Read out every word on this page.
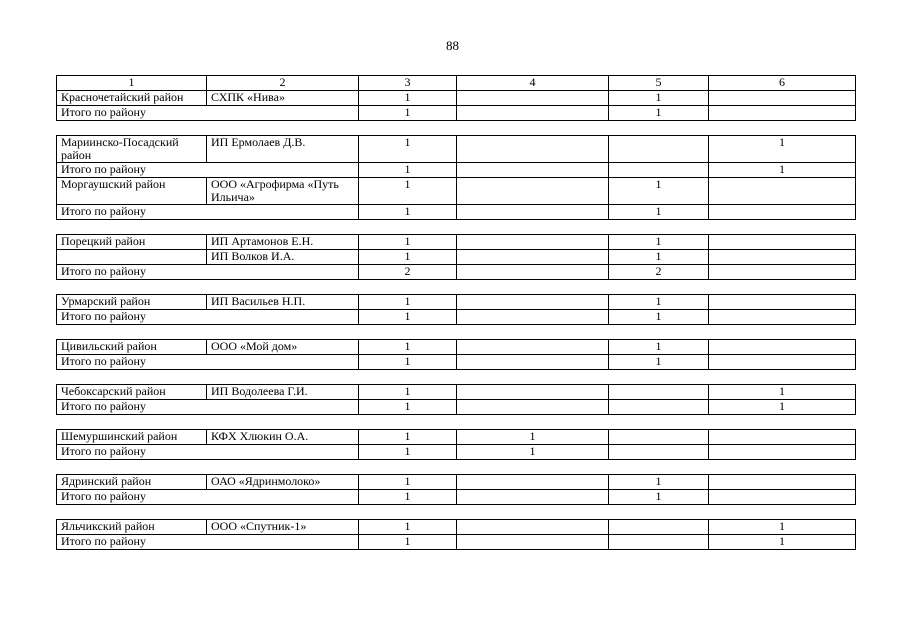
88
1	2	3	4	5	6
Красночетайский район	СХПК «Нива»	1		1	
Итого по району		1		1	

Мариинско-Посадский район	ИП Ермолаев Д.В.	1			1
Итого по району		1			1
Моргаушский район	ООО «Агрофирма «Путь Ильича»	1		1	
Итого по району		1		1	

Порецкий район	ИП Артамонов Е.Н.	1		1	
	ИП Волков И.А.	1		1	
Итого по району		2		2	

Урмарский район	ИП Васильев Н.П.	1		1	
Итого по району		1		1	

Цивильский район	ООО «Мой дом»	1		1	
Итого по району		1		1	

Чебоксарский район	ИП Водолеева Г.И.	1			1
Итого по району		1			1

Шемуршинский район	КФХ Хлюкин О.А.	1	1		
Итого по району		1	1		

Ядринский район	ОАО «Ядринмолоко»	1		1	
Итого по району		1		1	

Яльчикский район	ООО «Спутник-1»	1			1
Итого по району		1			1
